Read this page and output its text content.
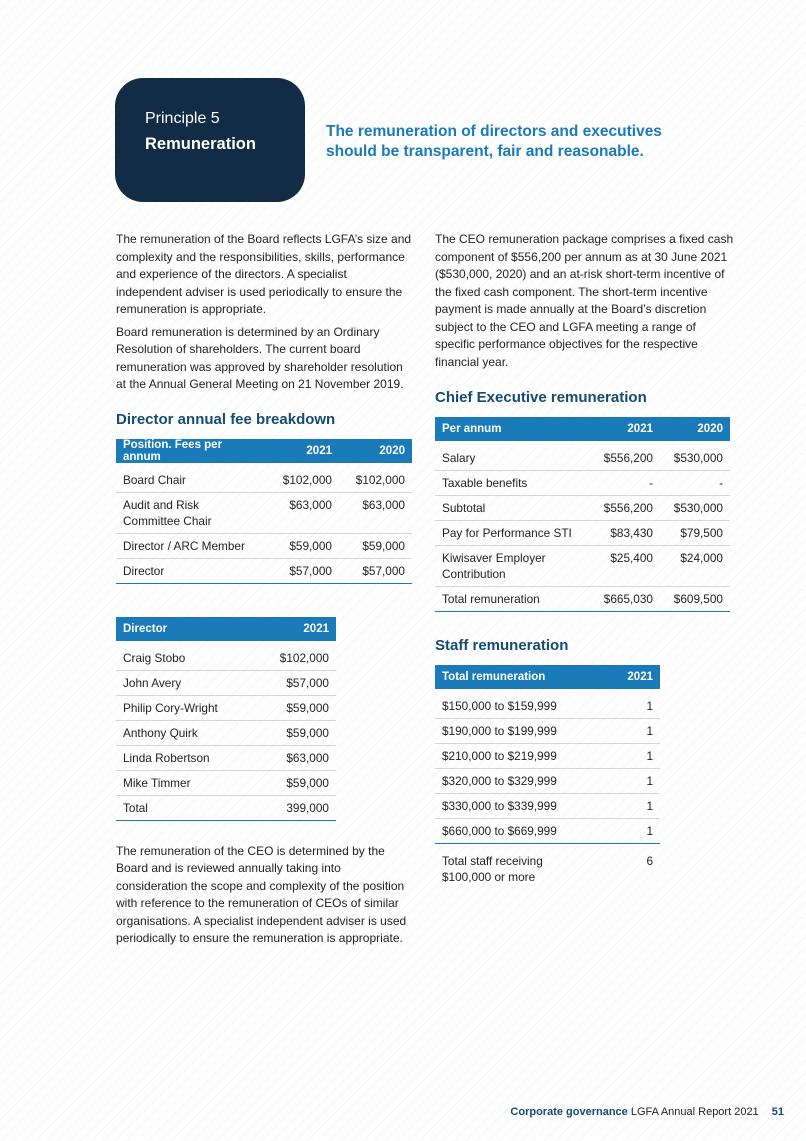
Principle 5
Remuneration
The remuneration of directors and executives
should be transparent, fair and reasonable.

The remuneration of the Board reflects LGFA’s size and complexity and the responsibilities, skills, performance and experience of the directors. A specialist independent adviser is used periodically to ensure the remuneration is appropriate.

Board remuneration is determined by an Ordinary Resolution of shareholders. The current board remuneration was approved by shareholder resolution at the Annual General Meeting on 21 November 2019.

Director annual fee breakdown
Position. Fees per annum	2021	2020
Board Chair	$102,000	$102,000
Audit and Risk Committee Chair	$63,000	$63,000
Director / ARC Member	$59,000	$59,000
Director	$57,000	$57,000
Director	2021
Craig Stobo	$102,000
John Avery	$57,000
Philip Cory-Wright	$59,000
Anthony Quirk	$59,000
Linda Robertson	$63,000
Mike Timmer	$59,000
Total	399,000

The remuneration of the CEO is determined by the Board and is reviewed annually taking into consideration the scope and complexity of the position with reference to the remuneration of CEOs of similar organisations. A specialist independent adviser is used periodically to ensure the remuneration is appropriate.

The CEO remuneration package comprises a fixed cash component of $556,200 per annum as at 30 June 2021 ($530,000, 2020) and an at-risk short-term incentive of the fixed cash component. The short-term incentive payment is made annually at the Board’s discretion subject to the CEO and LGFA meeting a range of specific performance objectives for the respective financial year.

Chief Executive remuneration
Per annum	2021	2020
Salary	$556,200	$530,000
Taxable benefits	-	-
Subtotal	$556,200	$530,000
Pay for Performance STI	$83,430	$79,500
Kiwisaver Employer Contribution	$25,400	$24,000
Total remuneration	$665,030	$609,500
Staff remuneration
Total remuneration	2021
$150,000 to $159,999	1
$190,000 to $199,999	1
$210,000 to $219,999	1
$320,000 to $329,999	1
$330,000 to $339,999	1
$660,000 to $669,999	1
Total staff receiving $100,000 or more	6
Corporate governance LGFA Annual Report 2021 51
